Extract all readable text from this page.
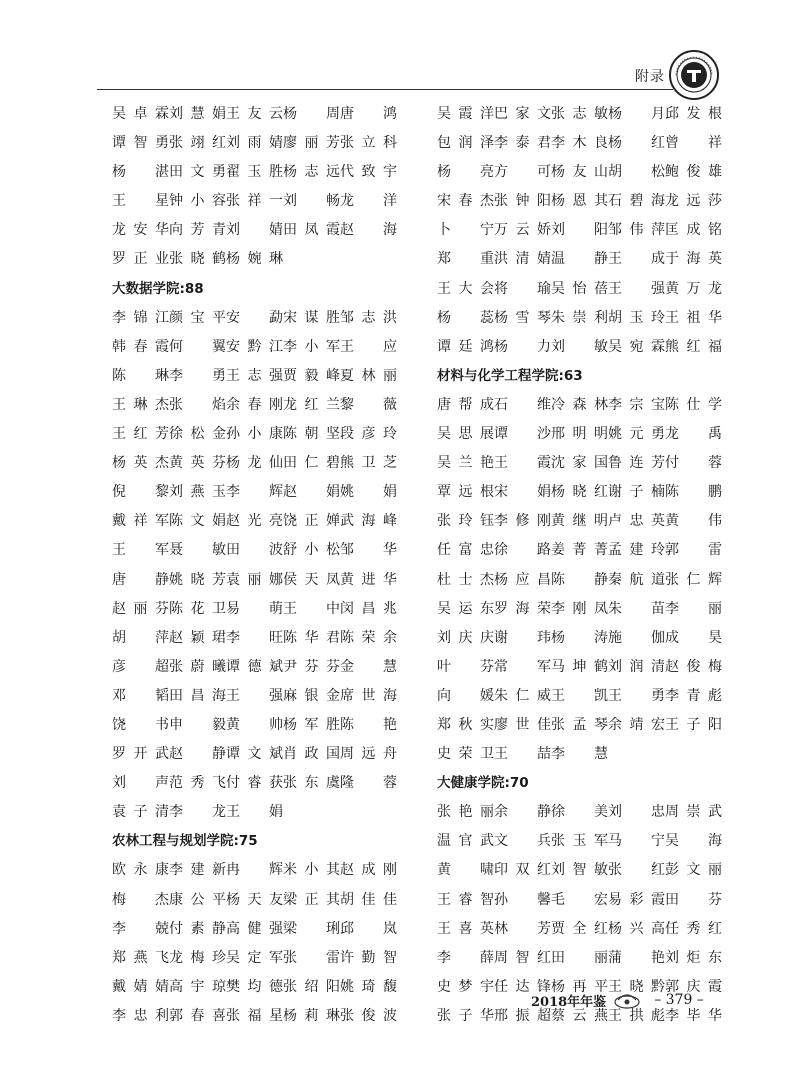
附录
吴卓霖刘慧娟王友云杨 周唐 鸿
谭智勇张翊红刘雨婧廖丽芳张立科
杨 湛田文勇翟玉胜杨志远代致宇
王 星钟小容张祥一刘 畅龙 洋
龙安华向芳青刘 婧田凤霞赵 海
罗正业张晓鹤杨婉琳
大数据学院:88
李锦江颜宝平安 勐宋谋胜邹志洪
韩春霞何 翼安黔江李小军王 应
陈 琳李 勇王志强贾毅峰夏林丽
王琳杰张 焰余春刚龙红兰黎 薇
王红芳徐松金孙小康陈朝坚段彦玲
杨英杰黄英芬杨龙仙田仁碧熊卫芝
倪 黎刘燕玉李 辉赵 娟姚 娟
戴祥军陈文娟赵光亮饶正婵武海峰
王 军聂 敏田 波舒小松邹 华
唐 静姚晓芳袁丽娜侯天凤黄进华
赵丽芬陈花卫易 萌王 中闵昌兆
胡 萍赵颖珺李 旺陈华君陈荣余
彦 超张蔚曦谭德斌尹芬芬金 慧
邓 韬田昌海王 强麻银金席世海
饶 书申 毅黄 帅杨军胜陈 艳
罗开武赵 静谭文斌肖政国周远舟
刘 声范秀飞付睿获张东虞隆 蓉
袁子清李 龙王 娟
农林工程与规划学院:75
欧永康李建新冉 辉米小其赵成刚
梅 杰康公平杨天友梁正其胡佳佳
李 兢付素静高健强梁 琍邱 岚
郑燕飞龙梅珍吴定军张 雷许勤智
戴婧婧高宇琼樊均德张绍阳姚琦馥
李忠利郭春喜张福星杨莉琳张俊波
吴霞洋巴家文张志敏杨 月邱发根
包润泽李泰君李木良杨 红曾 祥
杨 亮方 可杨友山胡 松鲍俊雄
宋春杰张钟阳杨恩其石碧海龙远莎
卜 宁万云娇刘 阳邹伟萍匡成铭
郑 重洪清婧温 静王 成于海英
王大会将 瑜吴怡蓓王 强黄万龙
杨 蕊杨雪琴朱崇利胡玉玲王祖华
谭廷鸿杨 力刘 敏吴宛霖熊红福
材料与化学工程学院:63
唐帮成石 维冷森林李宗宝陈仕学
吴思展谭 沙邢明明姚元勇龙 禹
吴兰艳王 霞沈家国鲁连芳付 蓉
覃远根宋 娟杨晓红谢子楠陈 鹏
张玲钰李修刚黄继明卢忠英黄 伟
任富忠徐 路姜菁菁孟建玲郭 雷
杜士杰杨应昌陈 静秦航道张仁辉
吴运东罗海荣李刚凤朱 苗李 丽
刘庆庆谢 玮杨 涛施 伽成 昊
叶 芬常 军马坤鹤刘润清赵俊梅
向 媛朱仁威王 凯王 勇李青彪
郑秋实廖世佳张孟琴余靖宏王子阳
史荣卫王 喆李 慧
大健康学院:70
张艳丽余 静徐 美刘 忠周崇武
温官武文 兵张玉军马 宁吴 海
黄 啸印双红刘智敏张 红彭文丽
王睿智孙 馨毛 宏易彩霞田 芬
王喜英林 芳贾全红杨兴高任秀红
李 薛周智红田 丽蒲 艳刘炬东
史梦宇任达锋杨再平王晓黔郭庆霞
张子华邢振超蔡云燕王拱彪李毕华
2018年年鉴	– 379 –
